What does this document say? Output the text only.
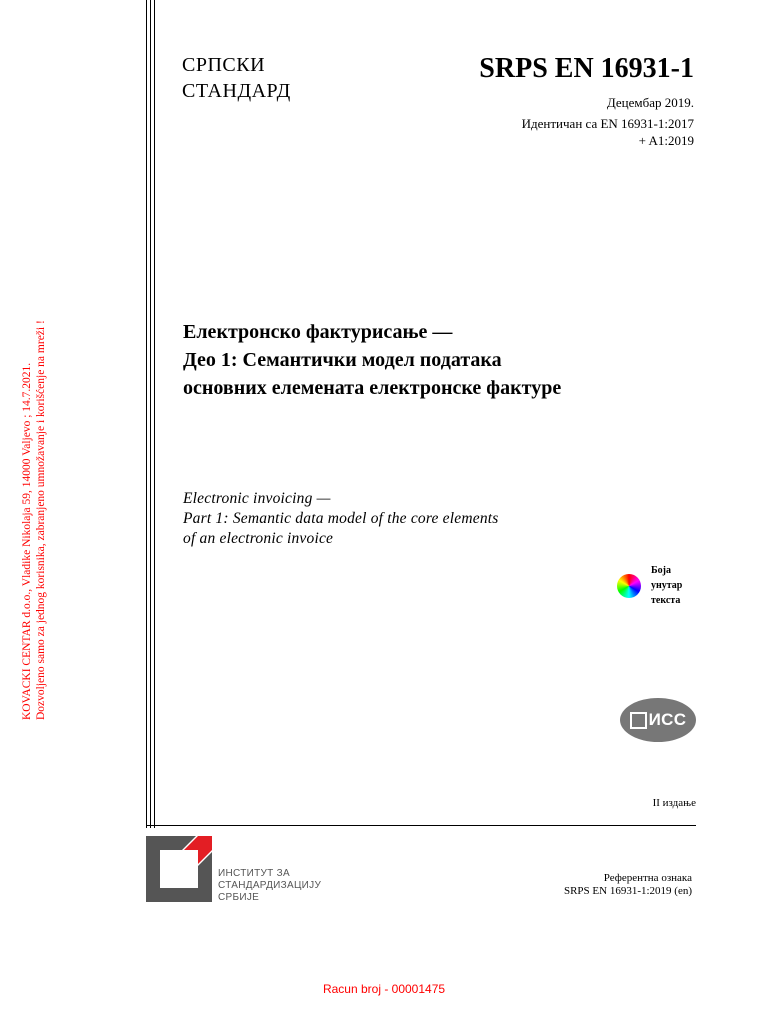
KOVACKI CENTAR d.o.o., Vladike Nikolaja 59, 14000 Valjevo ; 14.7.2021. Dozvoljeno samo za jednog korisnika, zabranjeno umnožavanje i korišćenje na mreži !
СРПСКИ
СТАНДАРД
SRPS EN 16931-1
Децембар 2019.
Идентичан са EN 16931-1:2017
+ A1:2019
Електронско фактурисање —
Део 1: Семантички модел података
основних елемената електронске фактуре
Electronic invoicing —
Part 1: Semantic data model of the core elements
of an electronic invoice
Боја
унутар
текста
ИСС
II издање
ИНСТИТУТ ЗА
СТАНДАРДИЗАЦИЈУ
СРБИЈЕ
Референтна ознака
SRPS EN 16931-1:2019 (en)
Racun broj - 00001475
